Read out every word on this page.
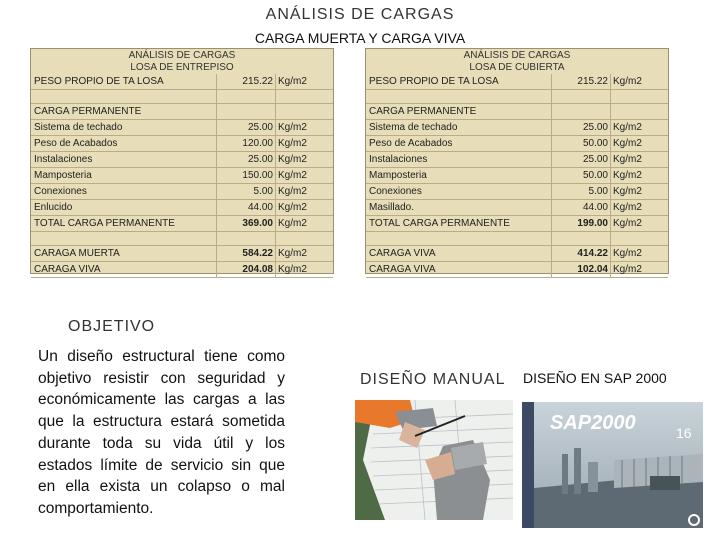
ANÁLISIS DE CARGAS
CARGA MUERTA Y CARGA VIVA
ANÁLISIS DE CARGAS
LOSA DE ENTREPISO
PESO PROPIO DE TA LOSA	215.22 Kg/m2
CARGA PERMANENTE
Sistema de techado	25.00 Kg/m2
Peso de Acabados	120.00 Kg/m2
Instalaciones	25.00 Kg/m2
Mamposteria	150.00 Kg/m2
Conexiones	5.00 Kg/m2
Enlucido	44.00 Kg/m2
TOTAL CARGA PERMANENTE	369.00 Kg/m2
CARAGA MUERTA	584.22 Kg/m2
CARAGA VIVA	204.08 Kg/m2
ANÁLISIS DE CARGAS
LOSA DE CUBIERTA
PESO PROPIO DE TA LOSA	215.22 Kg/m2
CARGA PERMANENTE
Sistema de techado	25.00 Kg/m2
Peso de Acabados	50.00 Kg/m2
Instalaciones	25.00 Kg/m2
Mamposteria	50.00 Kg/m2
Conexiones	5.00 Kg/m2
Masillado.	44.00 Kg/m2
TOTAL CARGA PERMANENTE	199.00 Kg/m2
CARAGA VIVA	414.22 Kg/m2
CARAGA VIVA	102.04 Kg/m2
OBJETIVO
Un diseño estructural tiene como objetivo resistir con seguridad y económicamente las cargas a las que la estructura estará sometida durante toda su vida útil y los estados límite de servicio sin que en ella exista un colapso o mal comportamiento.
DISEÑO MANUAL DISEÑO EN SAP 2000
SAP2000	16
